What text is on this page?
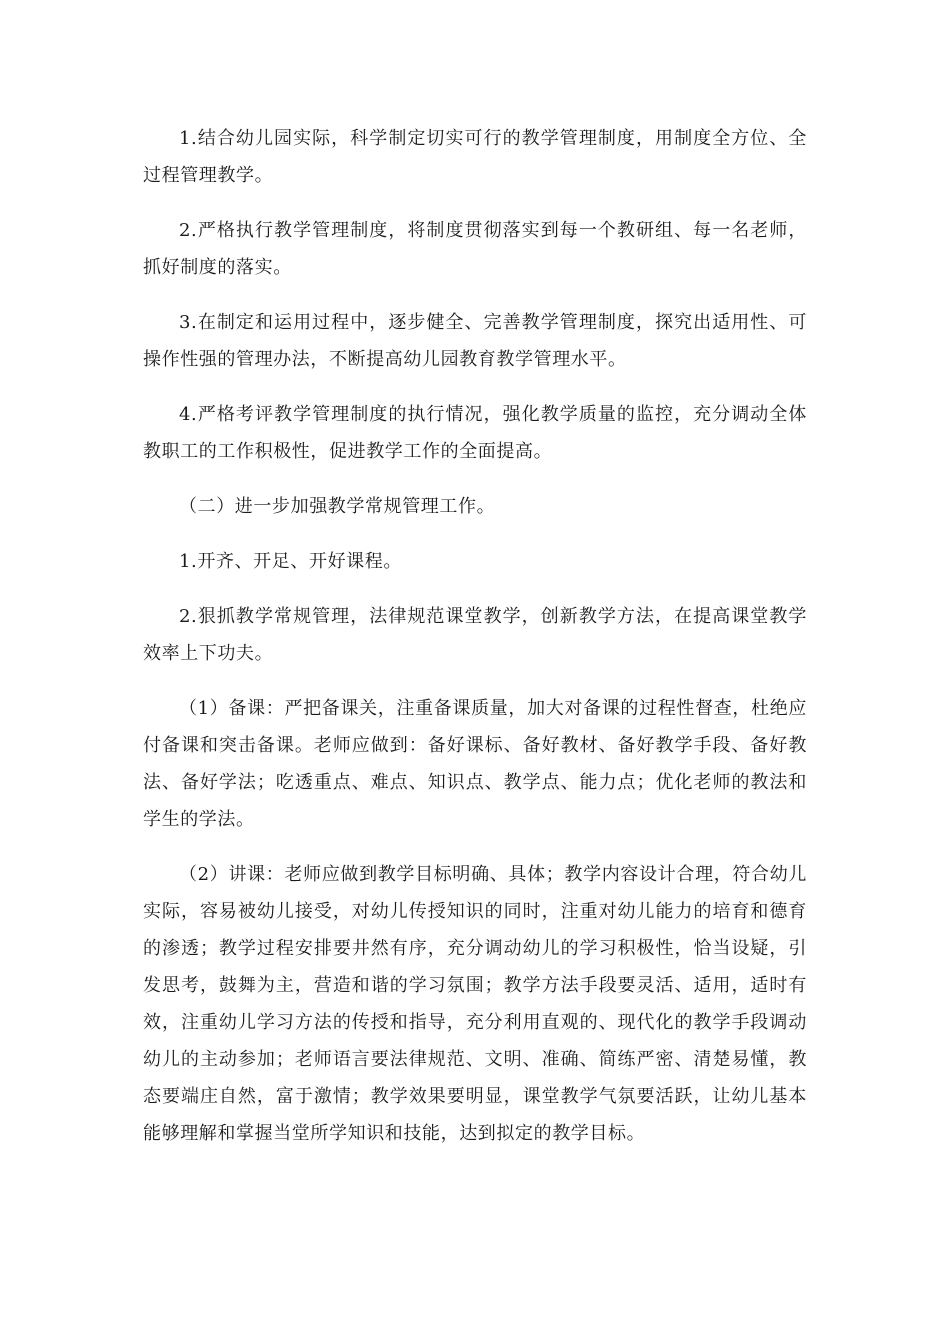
1.结合幼儿园实际，科学制定切实可行的教学管理制度，用制度全方位、全过程管理教学。

2.严格执行教学管理制度，将制度贯彻落实到每一个教研组、每一名老师，抓好制度的落实。

3.在制定和运用过程中，逐步健全、完善教学管理制度，探究出适用性、可操作性强的管理办法，不断提高幼儿园教育教学管理水平。

4.严格考评教学管理制度的执行情况，强化教学质量的监控，充分调动全体教职工的工作积极性，促进教学工作的全面提高。

（二）进一步加强教学常规管理工作。

1.开齐、开足、开好课程。

2.狠抓教学常规管理，法律规范课堂教学，创新教学方法，在提高课堂教学效率上下功夫。

（1）备课：严把备课关，注重备课质量，加大对备课的过程性督查，杜绝应付备课和突击备课。老师应做到：备好课标、备好教材、备好教学手段、备好教法、备好学法；吃透重点、难点、知识点、教学点、能力点；优化老师的教法和学生的学法。

（2）讲课：老师应做到教学目标明确、具体；教学内容设计合理，符合幼儿实际，容易被幼儿接受，对幼儿传授知识的同时，注重对幼儿能力的培育和德育的渗透；教学过程安排要井然有序，充分调动幼儿的学习积极性，恰当设疑，引发思考，鼓舞为主，营造和谐的学习氛围；教学方法手段要灵活、适用，适时有效，注重幼儿学习方法的传授和指导，充分利用直观的、现代化的教学手段调动幼儿的主动参加；老师语言要法律规范、文明、准确、简练严密、清楚易懂，教态要端庄自然，富于激情；教学效果要明显，课堂教学气氛要活跃，让幼儿基本能够理解和掌握当堂所学知识和技能，达到拟定的教学目标。
